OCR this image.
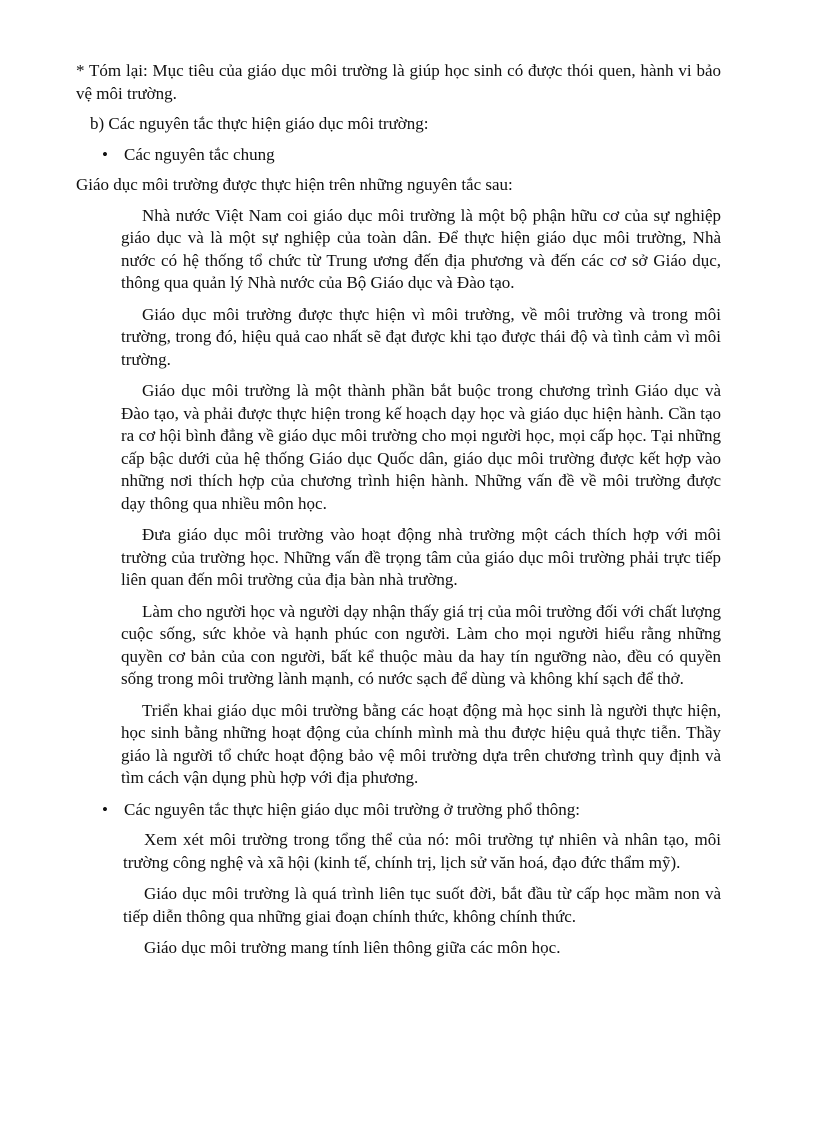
* Tóm lại: Mục tiêu của giáo dục môi trường là giúp học sinh có được thói quen, hành vi bảo vệ môi trường.

b) Các nguyên tắc thực hiện giáo dục môi trường:

• Các nguyên tắc chung

Giáo dục môi trường được thực hiện trên những nguyên tắc sau:

Nhà nước Việt Nam coi giáo dục môi trường là một bộ phận hữu cơ của sự nghiệp giáo dục và là một sự nghiệp của toàn dân. Để thực hiện giáo dục môi trường, Nhà nước có hệ thống tổ chức từ Trung ương đến địa phương và đến các cơ sở Giáo dục, thông qua quản lý Nhà nước của Bộ Giáo dục và Đào tạo.

Giáo dục môi trường được thực hiện vì môi trường, về môi trường và trong môi trường, trong đó, hiệu quả cao nhất sẽ đạt được khi tạo được thái độ và tình cảm vì môi trường.

Giáo dục môi trường là một thành phần bắt buộc trong chương trình Giáo dục và Đào tạo, và phải được thực hiện trong kế hoạch dạy học và giáo dục hiện hành. Cần tạo ra cơ hội bình đẳng về giáo dục môi trường cho mọi người học, mọi cấp học. Tại những cấp bậc dưới của hệ thống Giáo dục Quốc dân, giáo dục môi trường được kết hợp vào những nơi thích hợp của chương trình hiện hành. Những vấn đề về môi trường được dạy thông qua nhiều môn học.

Đưa giáo dục môi trường vào hoạt động nhà trường một cách thích hợp với môi trường của trường học. Những vấn đề trọng tâm của giáo dục môi trường phải trực tiếp liên quan đến môi trường của địa bàn nhà trường.

Làm cho người học và người dạy nhận thấy giá trị của môi trường đối với chất lượng cuộc sống, sức khỏe và hạnh phúc con người. Làm cho mọi người hiểu rằng những quyền cơ bản của con người, bất kể thuộc màu da hay tín ngưỡng nào, đều có quyền sống trong môi trường lành mạnh, có nước sạch để dùng và không khí sạch để thở.

Triển khai giáo dục môi trường bằng các hoạt động mà học sinh là người thực hiện, học sinh bằng những hoạt động của chính mình mà thu được hiệu quả thực tiễn. Thầy giáo là người tổ chức hoạt động bảo vệ môi trường dựa trên chương trình quy định và tìm cách vận dụng phù hợp với địa phương.

• Các nguyên tắc thực hiện giáo dục môi trường ở trường phổ thông:

Xem xét môi trường trong tổng thể của nó: môi trường tự nhiên và nhân tạo, môi trường công nghệ và xã hội (kinh tế, chính trị, lịch sử văn hoá, đạo đức thẩm mỹ).

Giáo dục môi trường là quá trình liên tục suốt đời, bắt đầu từ cấp học mầm non và tiếp diễn thông qua những giai đoạn chính thức, không chính thức.

Giáo dục môi trường mang tính liên thông giữa các môn học.
